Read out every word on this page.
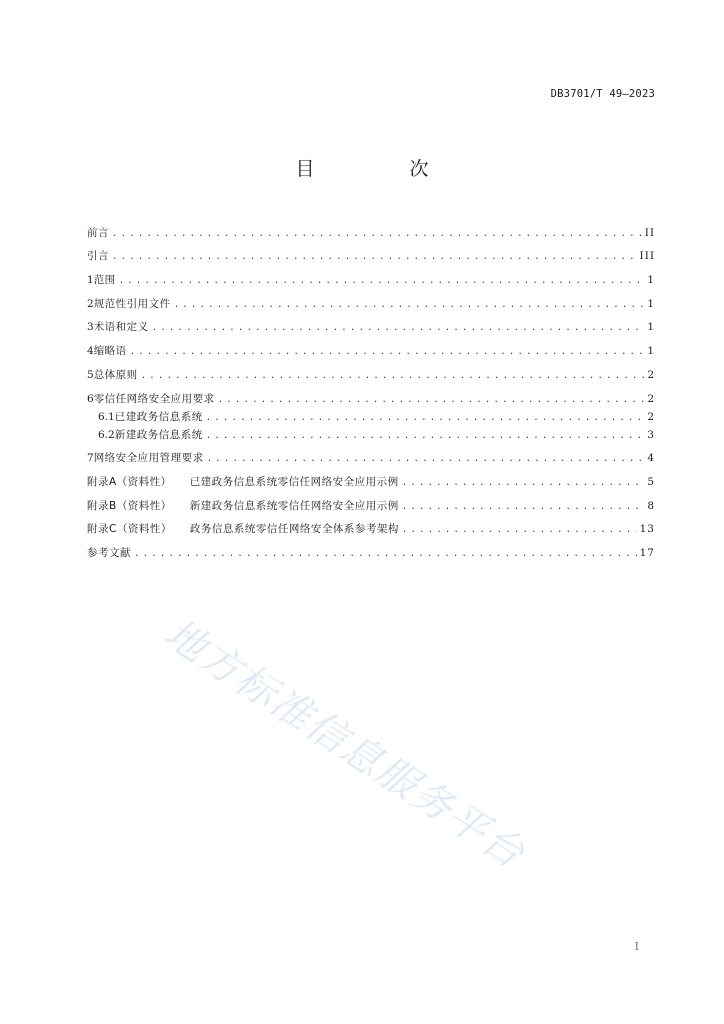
DB3701/T 49—2023
目　次
前言 .....	II
引言 .....	III
1 范围 .....	1
2 规范性引用文件 .....	1
3 术语和定义 .....	1
4 缩略语 .....	1
5 总体原则 .....	2
6 零信任网络安全应用要求 .....	2
6.1 已建政务信息系统 .....	2
6.2 新建政务信息系统 .....	3
7 网络安全应用管理要求 .....	4
附录A（资料性） 已建政务信息系统零信任网络安全应用示例 .....	5
附录B（资料性） 新建政务信息系统零信任网络安全应用示例 .....	8
附录C（资料性） 政务信息系统零信任网络安全体系参考架构 .....	13
参考文献 .....	17
地方标准信息服务平台
I
